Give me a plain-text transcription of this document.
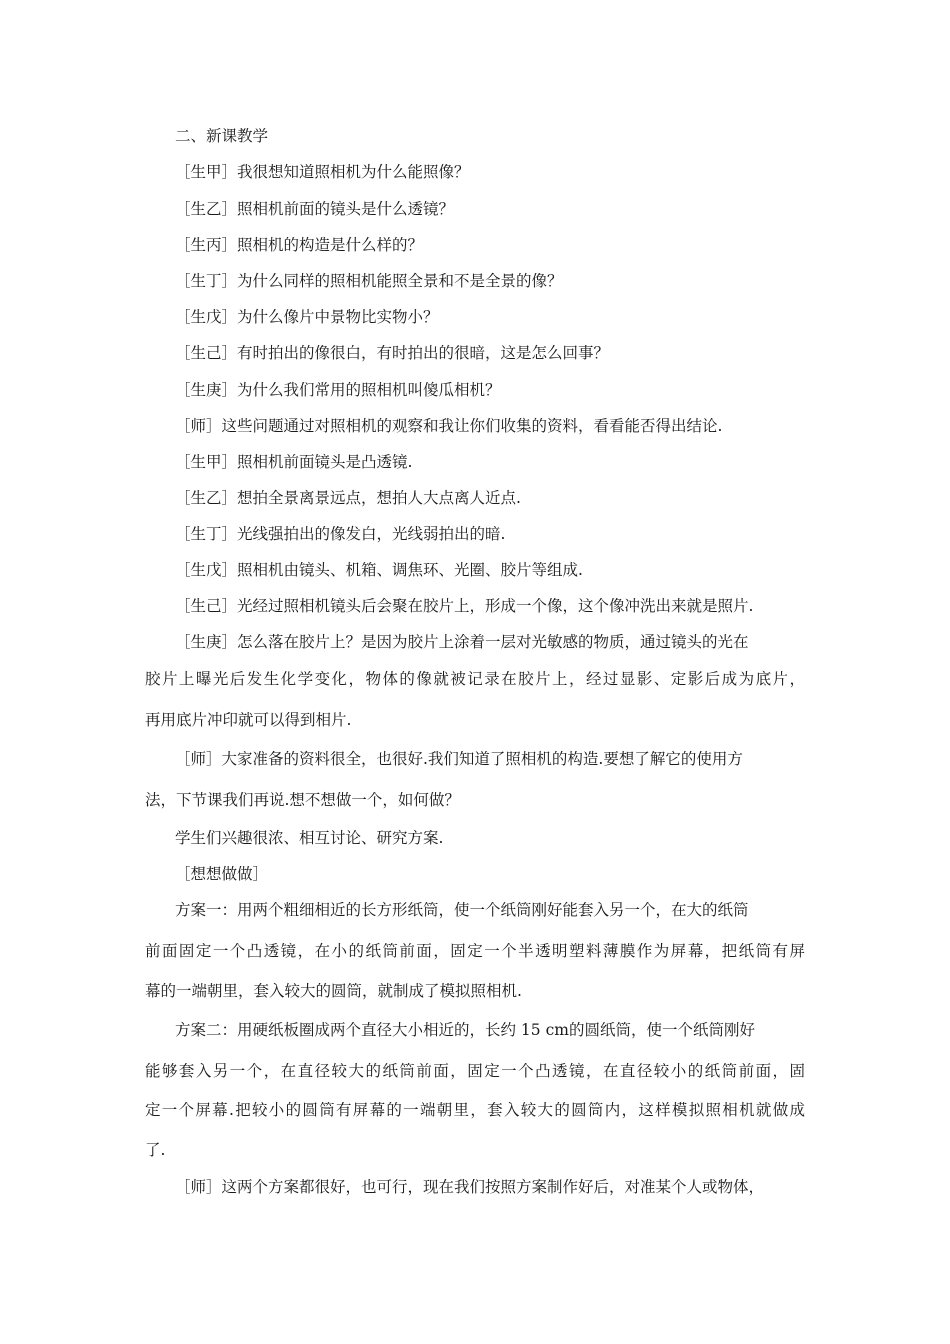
二、新课教学
［生甲］我很想知道照相机为什么能照像？
［生乙］照相机前面的镜头是什么透镜？
［生丙］照相机的构造是什么样的？
［生丁］为什么同样的照相机能照全景和不是全景的像？
［生戊］为什么像片中景物比实物小？
［生己］有时拍出的像很白，有时拍出的很暗，这是怎么回事？
［生庚］为什么我们常用的照相机叫傻瓜相机？
［师］这些问题通过对照相机的观察和我让你们收集的资料，看看能否得出结论.
［生甲］照相机前面镜头是凸透镜.
［生乙］想拍全景离景远点，想拍人大点离人近点.
［生丁］光线强拍出的像发白，光线弱拍出的暗.
［生戊］照相机由镜头、机箱、调焦环、光圈、胶片等组成.
［生己］光经过照相机镜头后会聚在胶片上，形成一个像，这个像冲洗出来就是照片.
［生庚］怎么落在胶片上？是因为胶片上涂着一层对光敏感的物质，通过镜头的光在
胶片上曝光后发生化学变化，物体的像就被记录在胶片上，经过显影、定影后成为底片，
再用底片冲印就可以得到相片.
［师］大家准备的资料很全，也很好.我们知道了照相机的构造.要想了解它的使用方
法，下节课我们再说.想不想做一个，如何做？
学生们兴趣很浓、相互讨论、研究方案.
［想想做做］
方案一：用两个粗细相近的长方形纸筒，使一个纸筒刚好能套入另一个，在大的纸筒
前面固定一个凸透镜，在小的纸筒前面，固定一个半透明塑料薄膜作为屏幕，把纸筒有屏
幕的一端朝里，套入较大的圆筒，就制成了模拟照相机.
方案二：用硬纸板圈成两个直径大小相近的，长约 15 cm的圆纸筒，使一个纸筒刚好
能够套入另一个，在直径较大的纸筒前面，固定一个凸透镜，在直径较小的纸筒前面，固
定一个屏幕.把较小的圆筒有屏幕的一端朝里，套入较大的圆筒内，这样模拟照相机就做成
了.
［师］这两个方案都很好，也可行，现在我们按照方案制作好后，对准某个人或物体，
